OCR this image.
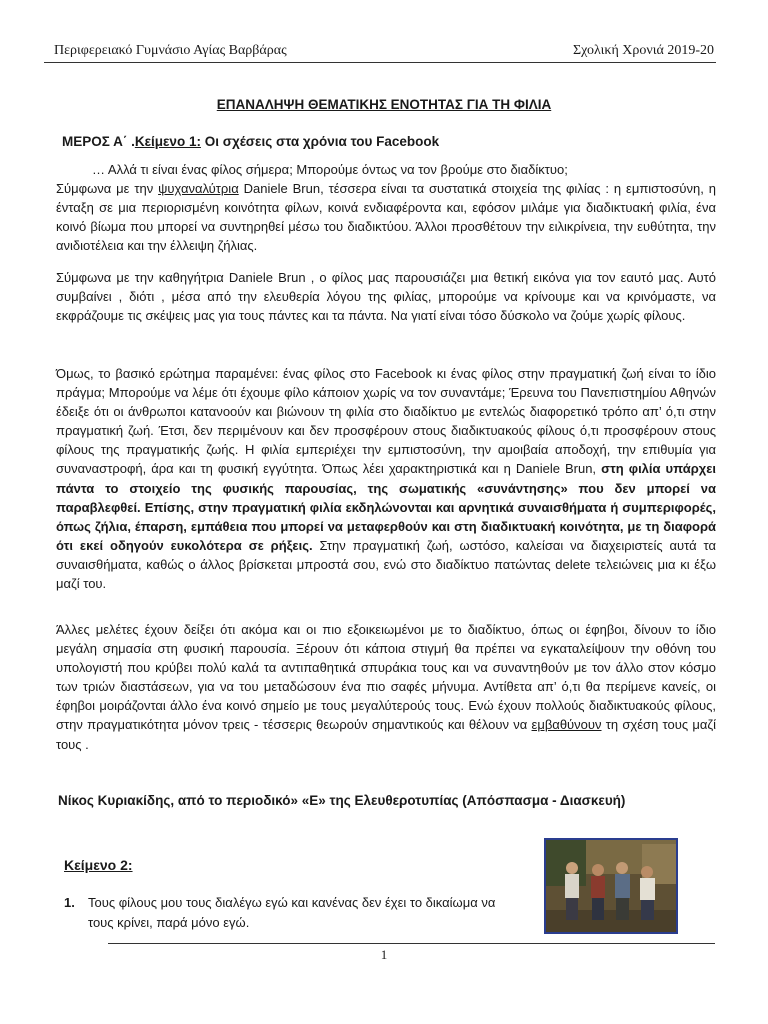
Περιφερειακό Γυμνάσιο Αγίας Βαρβάρας	Σχολική Χρονιά 2019-20
ΕΠΑΝΑΛΗΨΗ ΘΕΜΑΤΙΚΗΣ ΕΝΟΤΗΤΑΣ ΓΙΑ ΤΗ ΦΙΛΙΑ
ΜΕΡΟΣ Α΄ .Κείμενο 1: Οι σχέσεις στα χρόνια του Facebook

… Αλλά τι είναι ένας φίλος σήμερα; Μπορούμε όντως να τον βρούμε στο διαδίκτυο;

Σύμφωνα με την ψυχαναλύτρια Daniele Brun, τέσσερα είναι τα συστατικά στοιχεία της φιλίας : η εμπιστοσύνη, η ένταξη σε μια περιορισμένη κοινότητα φίλων, κοινά ενδιαφέροντα και, εφόσον μιλάμε για διαδικτυακή φιλία, ένα κοινό βίωμα που μπορεί να συντηρηθεί μέσω του διαδικτύου. Άλλοι προσθέτουν την ειλικρίνεια, την ευθύτητα, την ανιδιοτέλεια και την έλλειψη ζήλιας.

Σύμφωνα με την καθηγήτρια Daniele Brun , ο φίλος μας παρουσιάζει μια θετική εικόνα για τον εαυτό μας. Αυτό συμβαίνει , διότι , μέσα από την ελευθερία λόγου της φιλίας, μπορούμε να κρίνουμε και να κρινόμαστε, να εκφράζουμε τις σκέψεις μας για τους πάντες και τα πάντα. Να γιατί είναι τόσο δύσκολο να ζούμε χωρίς φίλους.

Όμως, το βασικό ερώτημα παραμένει: ένας φίλος στο Facebook κι ένας φίλος στην πραγματική ζωή είναι το ίδιο πράγμα; Μπορούμε να λέμε ότι έχουμε φίλο κάποιον χωρίς να τον συναντάμε; Έρευνα του Πανεπιστημίου Αθηνών έδειξε ότι οι άνθρωποι κατανοούν και βιώνουν τη φιλία στο διαδίκτυο με εντελώς διαφορετικό τρόπο απ’ ό,τι στην πραγματική ζωή. Έτσι, δεν περιμένουν και δεν προσφέρουν στους διαδικτυακούς φίλους ό,τι προσφέρουν στους φίλους της πραγματικής ζωής. Η φιλία εμπεριέχει την εμπιστοσύνη, την αμοιβαία αποδοχή, την επιθυμία για συναναστροφή, άρα και τη φυσική εγγύτητα. Όπως λέει χαρακτηριστικά και η Daniele Brun, στη φιλία υπάρχει πάντα το στοιχείο της φυσικής παρουσίας, της σωματικής «συνάντησης» που δεν μπορεί να παραβλεφθεί. Επίσης, στην πραγματική φιλία εκδηλώνονται και αρνητικά συναισθήματα ή συμπεριφορές, όπως ζήλια, έπαρση, εμπάθεια που μπορεί να μεταφερθούν και στη διαδικτυακή κοινότητα, με τη διαφορά ότι εκεί οδηγούν ευκολότερα σε ρήξεις. Στην πραγματική ζωή, ωστόσο, καλείσαι να διαχειριστείς αυτά τα συναισθήματα, καθώς ο άλλος βρίσκεται μπροστά σου, ενώ στο διαδίκτυο πατώντας delete τελειώνεις μια κι έξω μαζί του.

Άλλες μελέτες έχουν δείξει ότι ακόμα και οι πιο εξοικειωμένοι με το διαδίκτυο, όπως οι έφηβοι, δίνουν το ίδιο μεγάλη σημασία στη φυσική παρουσία. Ξέρουν ότι κάποια στιγμή θα πρέπει να εγκαταλείψουν την οθόνη του υπολογιστή που κρύβει πολύ καλά τα αντιπαθητικά σπυράκια τους και να συναντηθούν με τον άλλο στον κόσμο των τριών διαστάσεων, για να του μεταδώσουν ένα πιο σαφές μήνυμα. Αντίθετα απ’ ό,τι θα περίμενε κανείς, οι έφηβοι μοιράζονται άλλο ένα κοινό σημείο με τους μεγαλύτερούς τους. Ενώ έχουν πολλούς διαδικτυακούς φίλους, στην πραγματικότητα μόνον τρεις - τέσσερις θεωρούν σημαντικούς και θέλουν να εμβαθύνουν τη σχέση τους μαζί τους .

Νίκος Κυριακίδης, από το περιοδικό» «Ε» της Ελευθεροτυπίας (Απόσπασμα - Διασκευή)
Κείμενο 2:
1. Τους φίλους μου τους διαλέγω εγώ και κανένας δεν έχει το δικαίωμα να τους κρίνει, παρά μόνο εγώ.
1
